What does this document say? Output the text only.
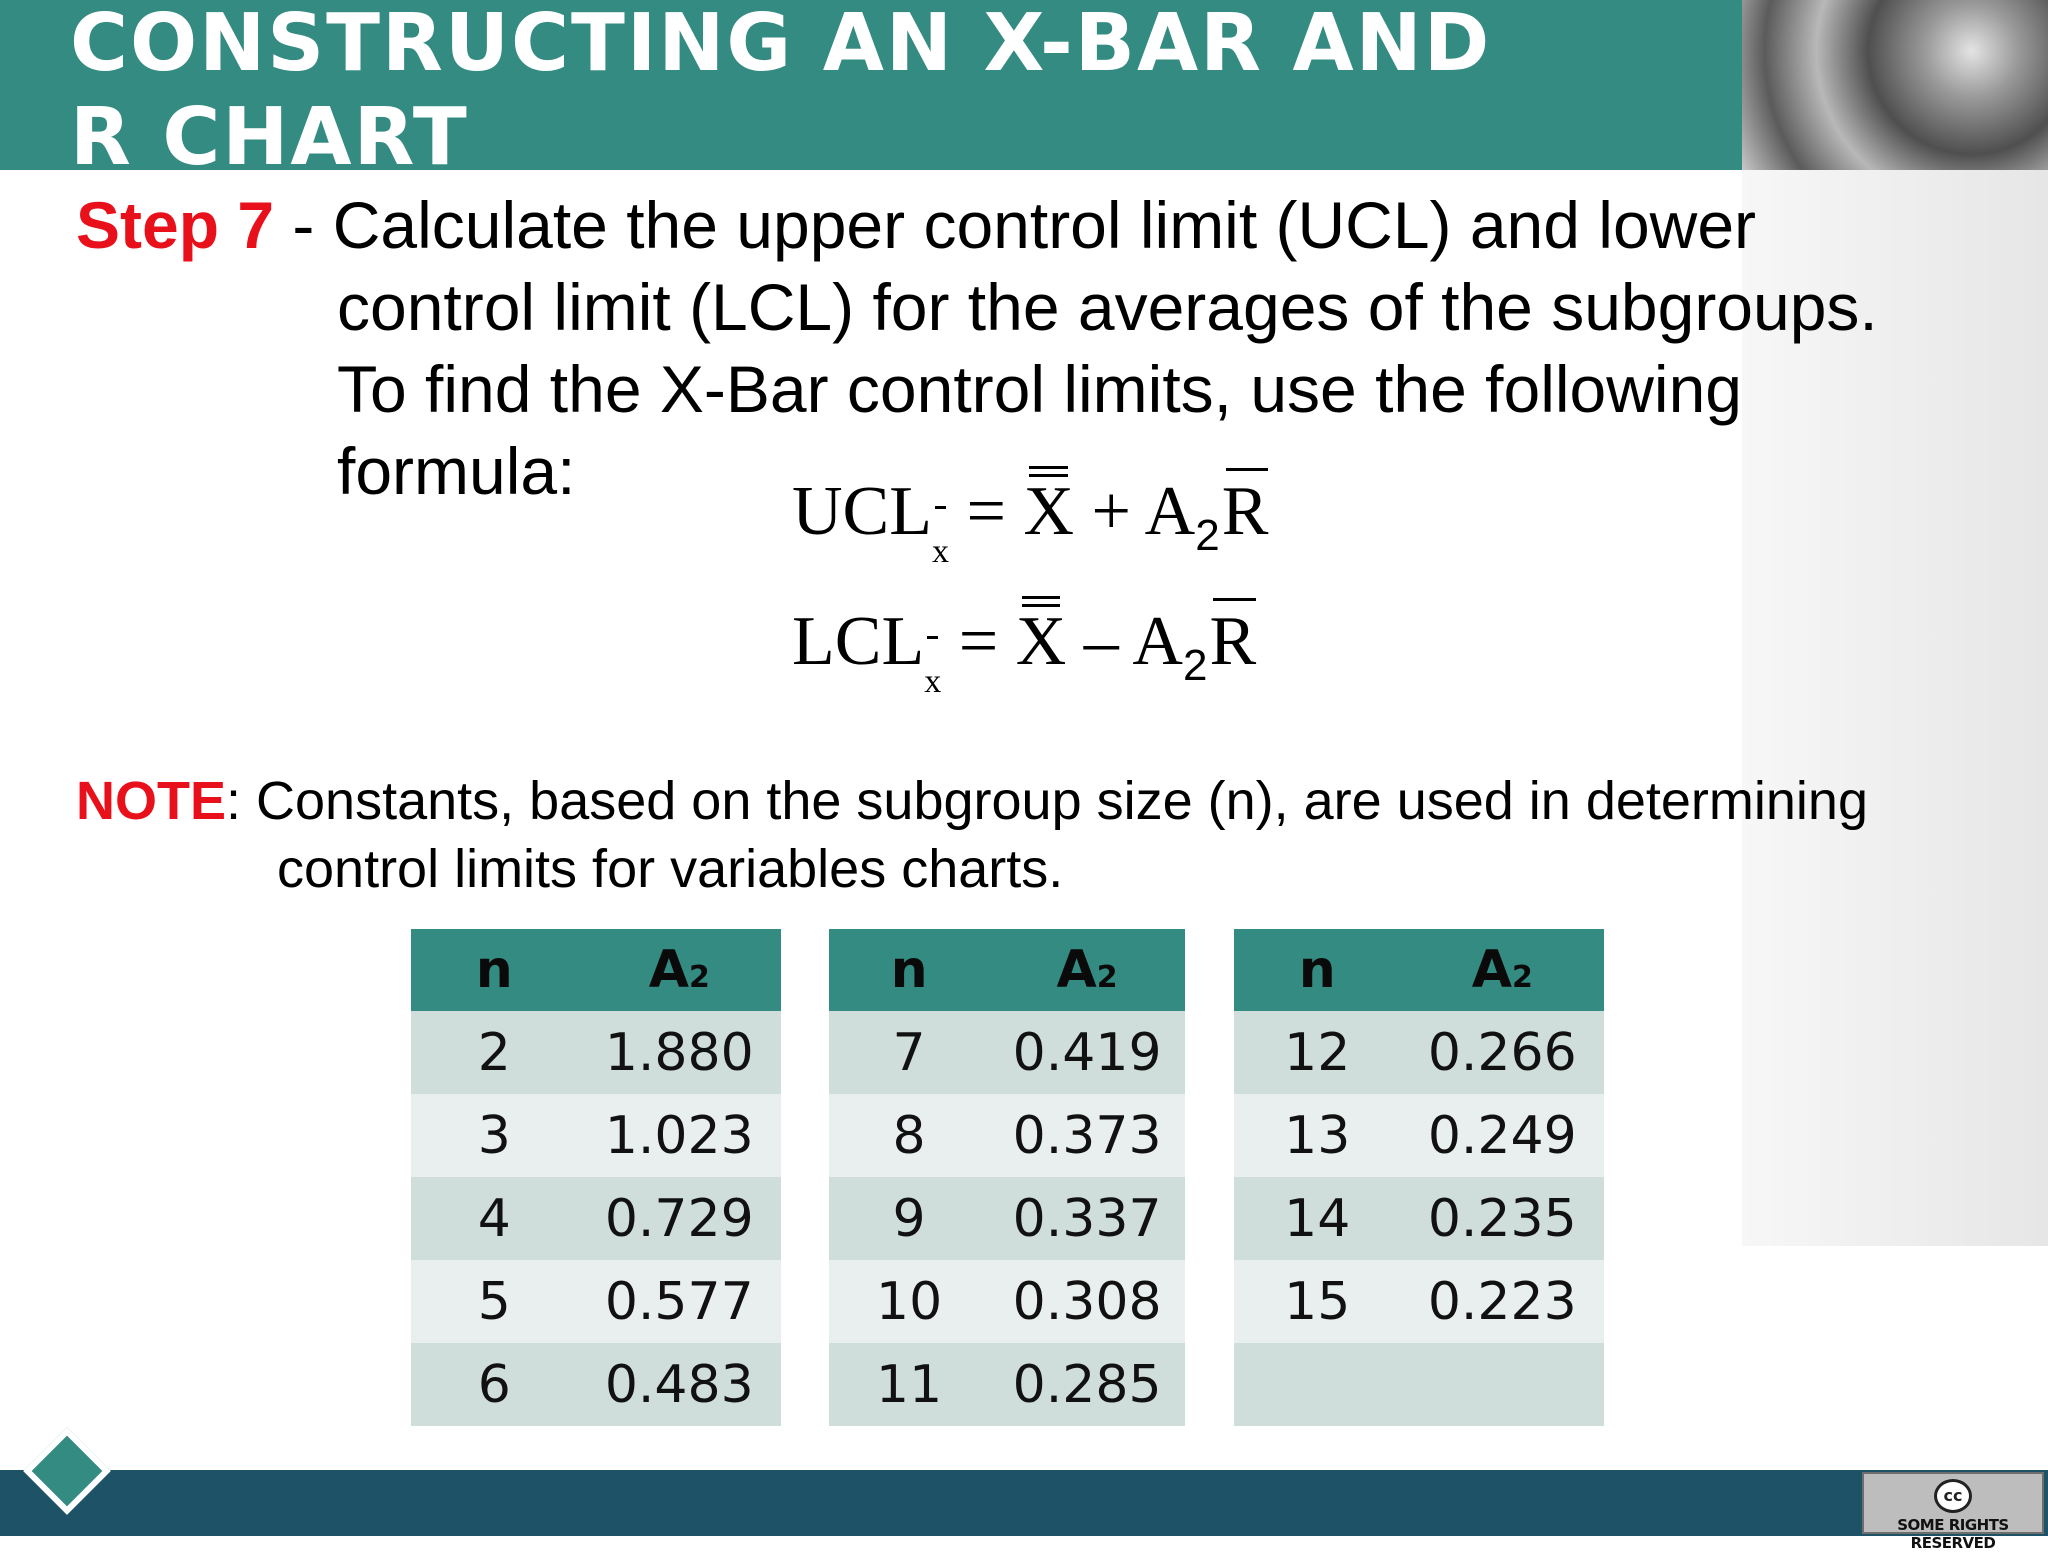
CONSTRUCTING AN X-BAR AND
R CHART
Step 7 - Calculate the upper control limit (UCL) and lower
control limit (LCL) for the averages of the subgroups.
To find the X-Bar control limits, use the following
formula:
UCLx = $X + A_2R$
LCLx = X – $A_2R$
NOTE: Constants, based on the subgroup size (n), are used in determining
control limits for variables charts.
n	A2
2	1.880
3	1.023
4	0.729
5	0.577
6	0.483
n	A2
7	0.419
8	0.373
9	0.337
10	0.308
11	0.285
n	A2
12	0.266
13	0.249
14	0.235
15	0.223

cc
SOME RIGHTS RESERVED
